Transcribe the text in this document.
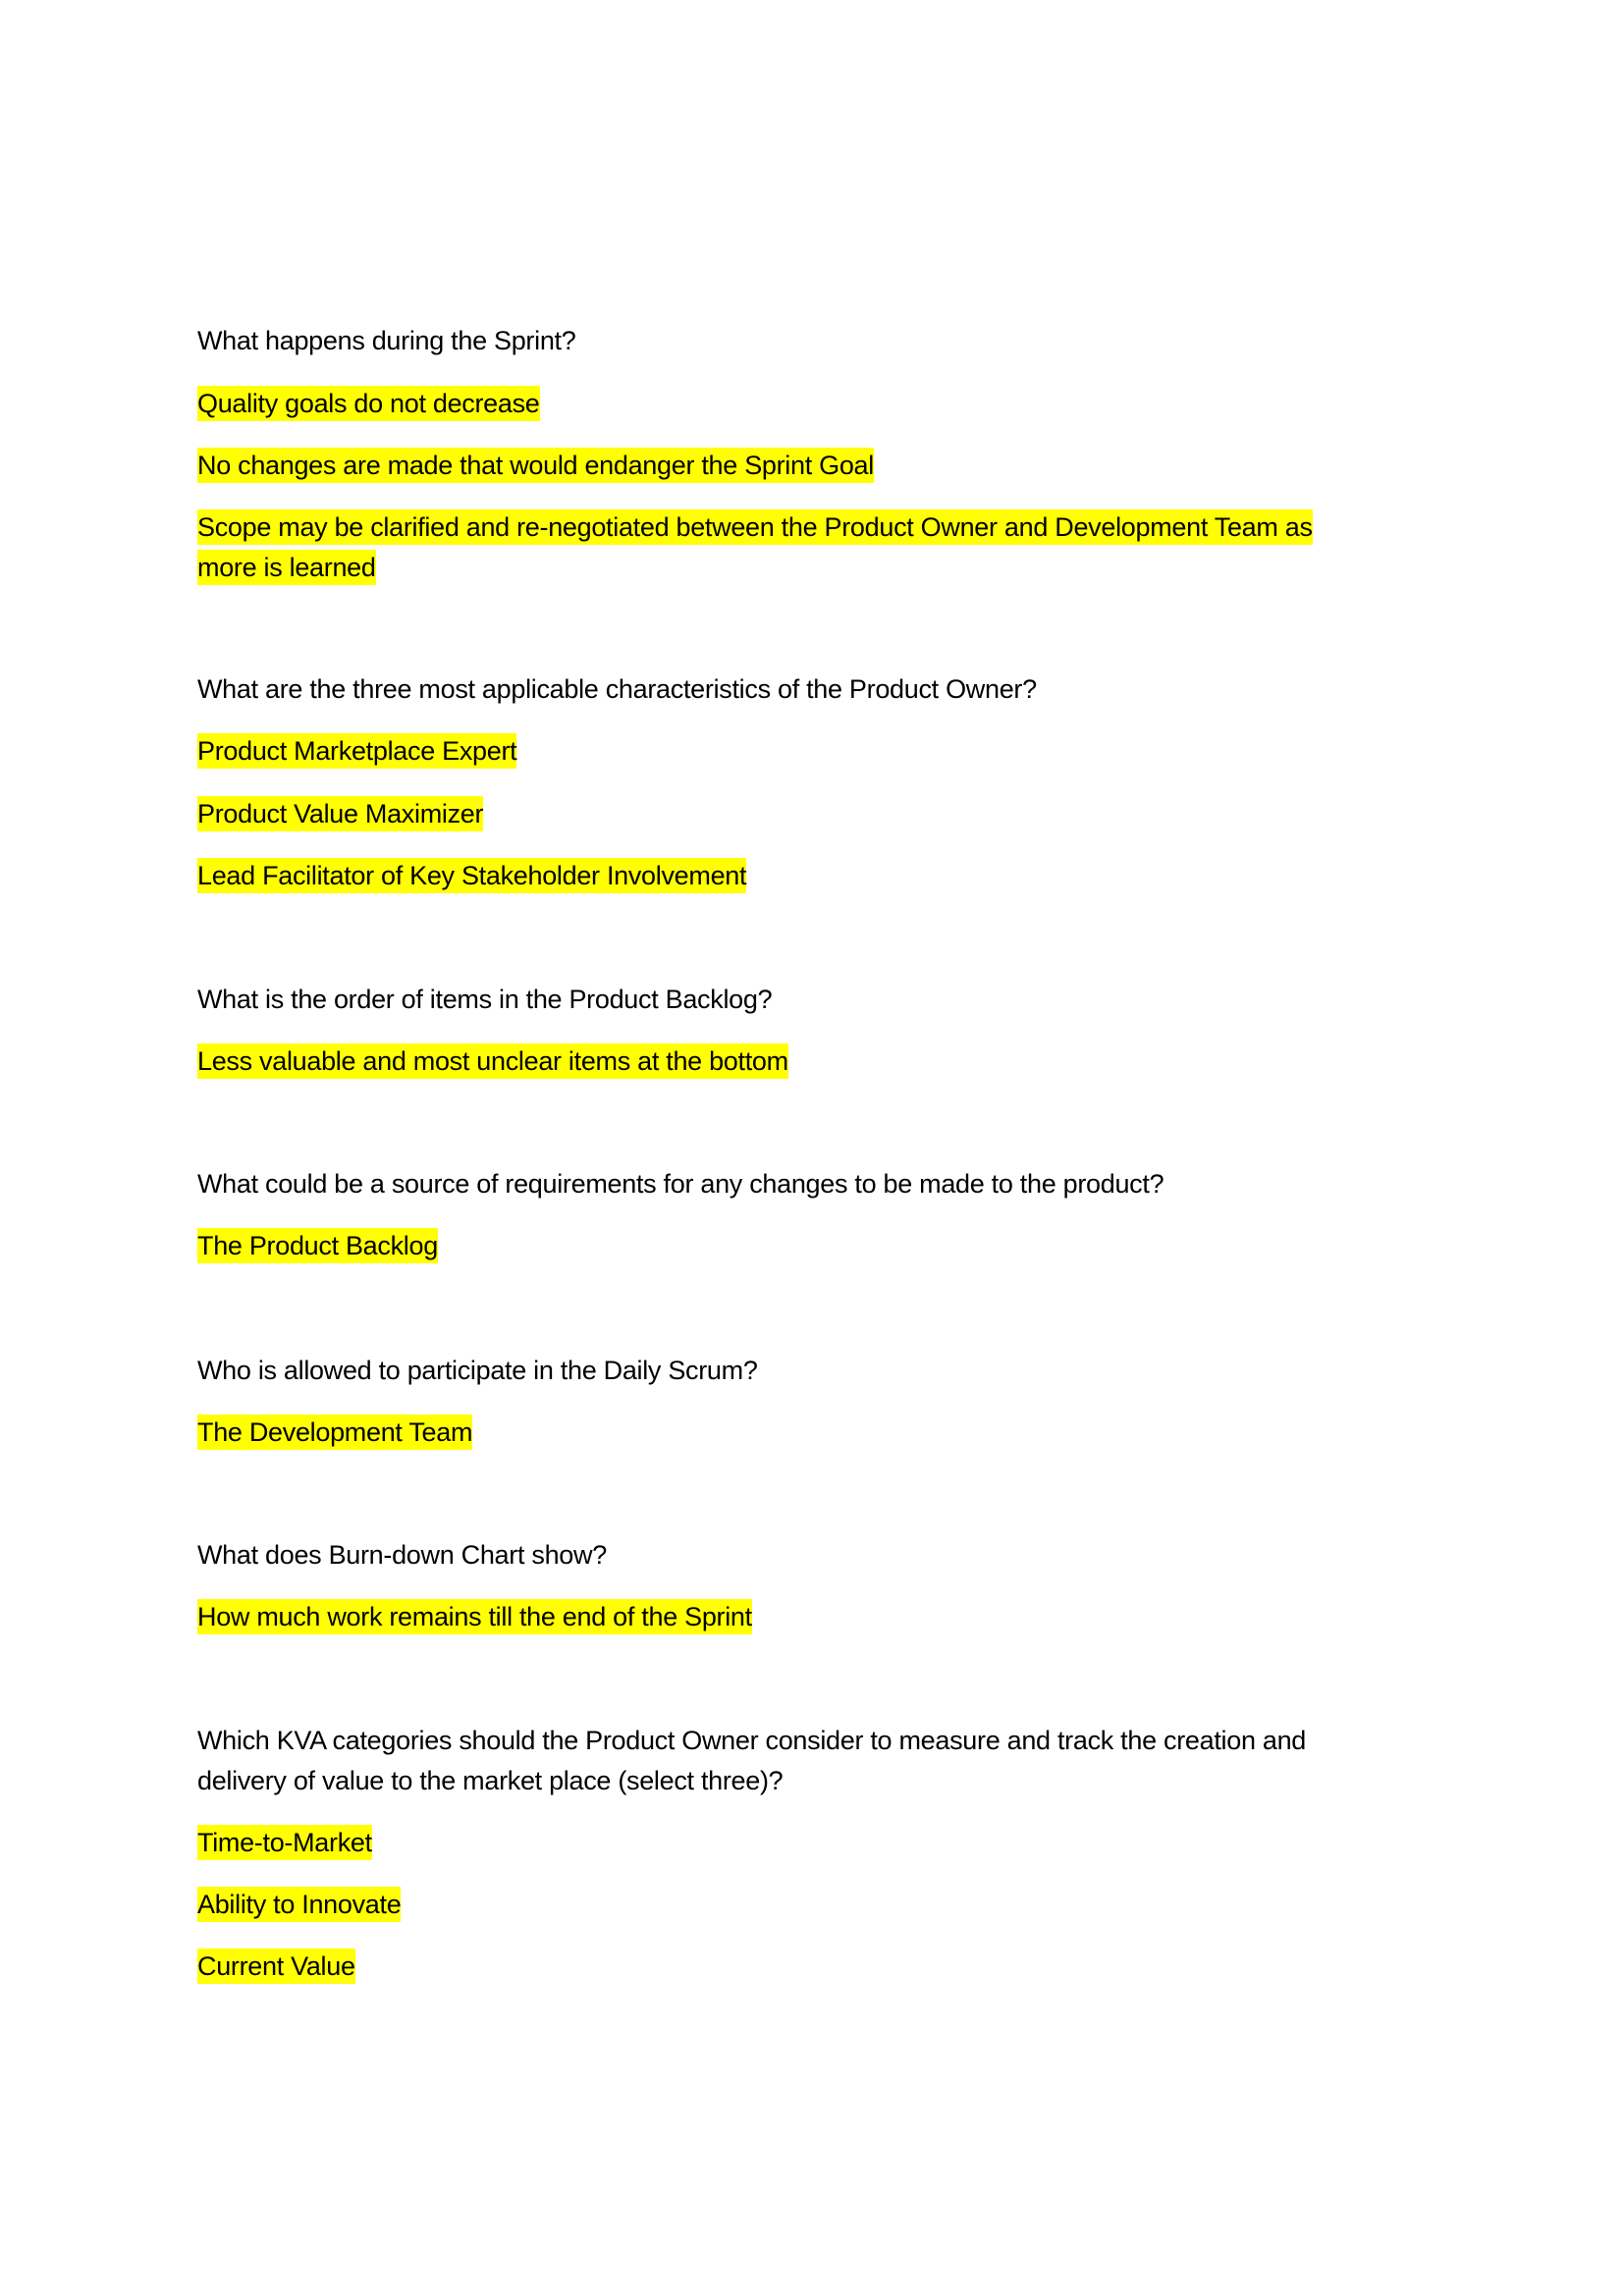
What happens during the Sprint?
Quality goals do not decrease
No changes are made that would endanger the Sprint Goal
Scope may be clarified and re-negotiated between the Product Owner and Development Team as
more is learned
What are the three most applicable characteristics of the Product Owner?
Product Marketplace Expert
Product Value Maximizer
Lead Facilitator of Key Stakeholder Involvement
What is the order of items in the Product Backlog?
Less valuable and most unclear items at the bottom
What could be a source of requirements for any changes to be made to the product?
The Product Backlog
Who is allowed to participate in the Daily Scrum?
The Development Team
What does Burn-down Chart show?
How much work remains till the end of the Sprint
Which KVA categories should the Product Owner consider to measure and track the creation and
delivery of value to the market place (select three)?
Time-to-Market
Ability to Innovate
Current Value
